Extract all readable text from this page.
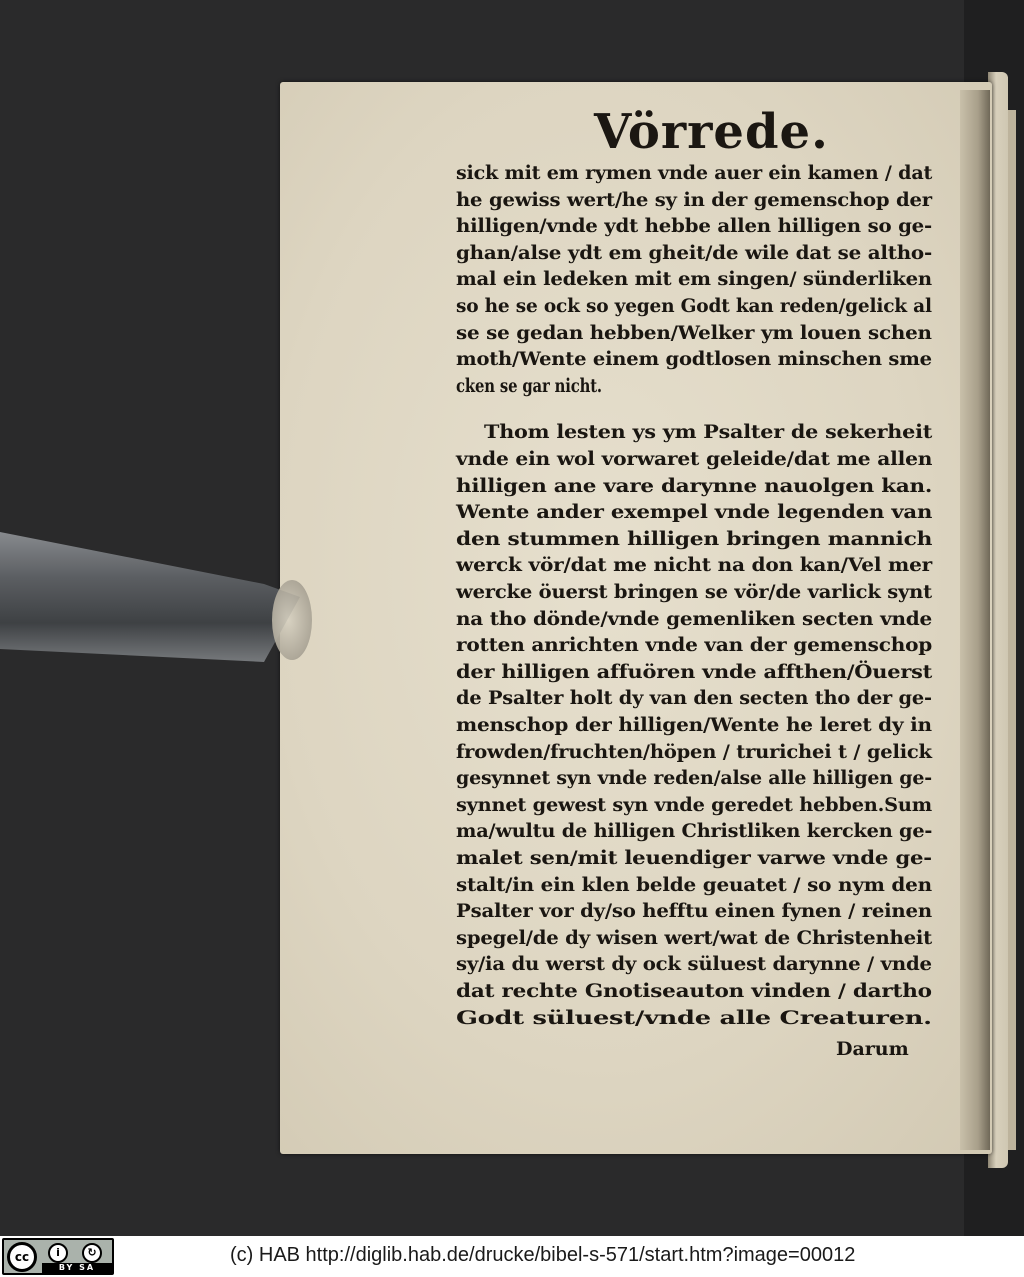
Vörrede.
sick mit em rymen vnde auer ein kamen / dat
he gewiss wert/he sy in der gemenschop der
hilligen/vnde ydt hebbe allen hilligen so ge-
ghan/alse ydt em gheit/de wile dat se altho-
mal ein ledeken mit em singen/ sünderliken
so he se ock so yegen Godt kan reden/gelick al
se se gedan hebben/Welker ym louen schen
moth/Wente einem godtlosen minschen sme
cken se gar nicht.
Thom lesten ys ym Psalter de sekerheit
vnde ein wol vorwaret geleide/dat me allen
hilligen ane vare darynne nauolgen kan.
Wente ander exempel vnde legenden van
den stummen hilligen bringen mannich
werck vör/dat me nicht na don kan/Vel mer
wercke öuerst bringen se vör/de varlick synt
na tho dönde/vnde gemenliken secten vnde
rotten anrichten vnde van der gemenschop
der hilligen affuören vnde affthen/Öuerst
de Psalter holt dy van den secten tho der ge-
menschop der hilligen/Wente he leret dy in
frowden/fruchten/höpen / trurichei t / gelick
gesynnet syn vnde reden/alse alle hilligen ge-
synnet gewest syn vnde geredet hebben.Sum
ma/wultu de hilligen Christliken kercken ge-
malet sen/mit leuendiger varwe vnde ge-
stalt/in ein klen belde geuatet / so nym den
Psalter vor dy/so hefftu einen fynen / reinen
spegel/de dy wisen wert/wat de Christenheit
sy/ia du werst dy ock süluest darynne / vnde
dat rechte Gnotiseauton vinden / dartho
Godt süluest/vnde alle Creaturen.
Darum
cc	i	↻
BY SA
(c) HAB http://diglib.hab.de/drucke/bibel-s-571/start.htm?image=00012
